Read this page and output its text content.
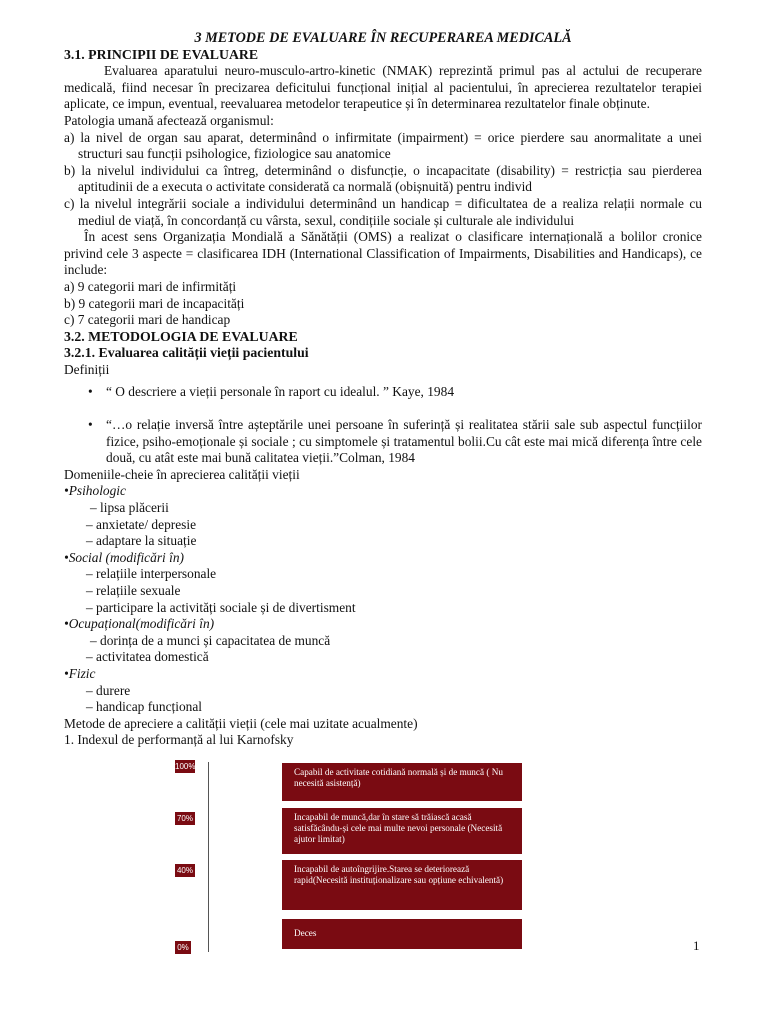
3 METODE DE EVALUARE ÎN RECUPERAREA MEDICALĂ
3.1. PRINCIPII DE EVALUARE
Evaluarea aparatului neuro-musculo-artro-kinetic (NMAK) reprezintă primul pas al actului de recuperare medicală, fiind necesar în precizarea deficitului funcțional inițial al pacientului, în aprecierea rezultatelor terapiei aplicate, ce impun, eventual, reevaluarea metodelor terapeutice și în determinarea rezultatelor finale obținute.
Patologia umană afectează organismul:
a) la nivel de organ sau aparat, determinând o infirmitate (impairment) = orice pierdere sau anormalitate a unei structuri sau funcții psihologice, fiziologice sau anatomice
b) la nivelul individului ca întreg, determinând o disfuncție, o incapacitate (disability) = restricția sau pierderea aptitudinii de a executa o activitate considerată ca normală (obișnuită) pentru individ
c) la nivelul integrării sociale a individului determinând un handicap = dificultatea de a realiza relații normale cu mediul de viață, în concordanță cu vârsta, sexul, condițiile sociale și culturale ale individului
În acest sens Organizația Mondială a Sănătății (OMS) a realizat o clasificare internațională a bolilor cronice privind cele 3 aspecte = clasificarea IDH (International Classification of Impairments, Disabilities and Handicaps), ce include:
a) 9 categorii mari de infirmități
b) 9 categorii mari de incapacități
c) 7 categorii mari de handicap
3.2. METODOLOGIA DE EVALUARE
3.2.1. Evaluarea calității vieții pacientului
Definiții
• “ O descriere a vieții personale în raport cu idealul. ” Kaye, 1984
• “…o relație inversă între așteptările unei persoane în suferință și realitatea stării sale sub aspectul funcțiilor fizice, psiho-emoționale și sociale ; cu simptomele și tratamentul bolii.Cu cât este mai mică diferența între cele două, cu atât este mai bună calitatea vieții.”Colman, 1984
Domeniile-cheie în aprecierea calității vieții
•Psihologic
– lipsa plăcerii
– anxietate/ depresie
– adaptare la situație
•Social (modificări în)
– relațiile interpersonale
– relațiile sexuale
– participare la activități sociale și de divertisment
•Ocupațional(modificări în)
– dorința de a munci și capacitatea de muncă
– activitatea domestică
•Fizic
– durere
– handicap funcțional
Metode de apreciere a calității vieții (cele mai uzitate acualmente)
1. Indexul de performanță al lui Karnofsky
100%
70%
40%
0%
Capabil de activitate cotidiană normală și de muncă ( Nu necesită asistență)
Incapabil de muncă,dar în stare să trăiască acasă satisfăcându-și cele mai multe nevoi personale (Necesită ajutor limitat)
Incapabil de autoîngrijire.Starea se deteriorează rapid(Necesită instituționalizare sau opțiune echivalentă)
Deces
1
